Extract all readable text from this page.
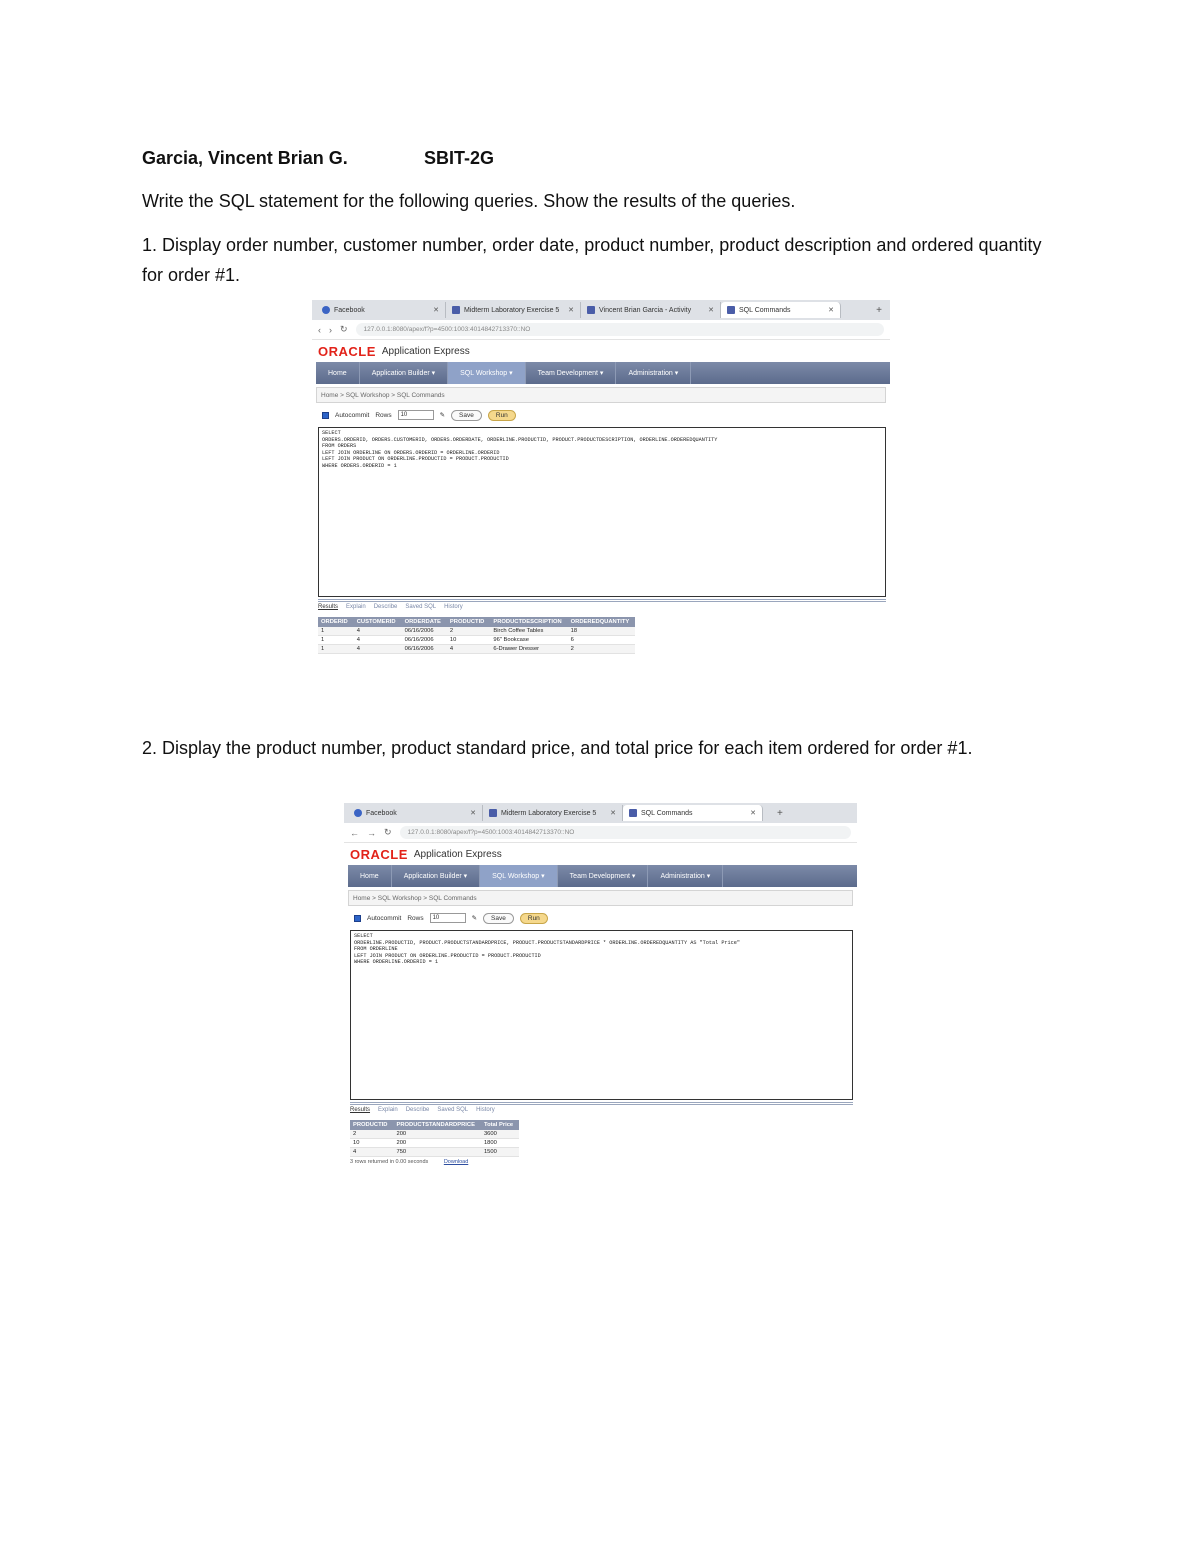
Garcia, Vincent Brian G.	SBIT-2G

Write the SQL statement for the following queries. Show the results of the queries.

1. Display order number, customer number, order date, product number, product description and ordered quantity for order #1.

Facebook	✕	Midterm Laboratory Exercise 5 ✕	Vincent Brian Garcia - Activity ✕	SQL Commands	✕	+
‹ › ↻	127.0.0.1:8080/apex/f?p=4500:1003:4014842713370::NO
ORACLE Application Express
Home	Application Builder ▾	SQL Workshop ▾	Team Development ▾	Administration ▾
Home > SQL Workshop > SQL Commands
Autocommit Rows	10	✎	Save	Run
SELECT
ORDERS.ORDERID, ORDERS.CUSTOMERID, ORDERS.ORDERDATE, ORDERLINE.PRODUCTID, PRODUCT.PRODUCTDESCRIPTION, ORDERLINE.ORDEREDQUANTITY
FROM ORDERS
LEFT JOIN ORDERLINE ON ORDERS.ORDERID = ORDERLINE.ORDERID
LEFT JOIN PRODUCT ON ORDERLINE.PRODUCTID = PRODUCT.PRODUCTID
WHERE ORDERS.ORDERID = 1
Results Explain Describe Saved SQL History
ORDERID	CUSTOMERID	ORDERDATE	PRODUCTID	PRODUCTDESCRIPTION	ORDEREDQUANTITY
1	4	06/16/2006	2	Birch Coffee Tables	18
1	4	06/16/2006	10	96" Bookcase	6
1	4	06/16/2006	4	6-Drawer Dresser	2

2. Display the product number, product standard price, and total price for each item ordered for order #1.

Facebook	✕	Midterm Laboratory Exercise 5 ✕	SQL Commands	✕	+
← → ↻	127.0.0.1:8080/apex/f?p=4500:1003:4014842713370::NO
ORACLE Application Express
Home	Application Builder ▾	SQL Workshop ▾	Team Development ▾	Administration ▾
Home > SQL Workshop > SQL Commands
Autocommit Rows	10	✎	Save	Run
SELECT
ORDERLINE.PRODUCTID, PRODUCT.PRODUCTSTANDARDPRICE, PRODUCT.PRODUCTSTANDARDPRICE * ORDERLINE.ORDEREDQUANTITY AS "Total Price"
FROM ORDERLINE
LEFT JOIN PRODUCT ON ORDERLINE.PRODUCTID = PRODUCT.PRODUCTID
WHERE ORDERLINE.ORDERID = 1
Results Explain Describe Saved SQL History
PRODUCTID	PRODUCTSTANDARDPRICE	Total Price
2	200	3600
10	200	1800
4	750	1500
3 rows returned in 0.00 seconds	Download
